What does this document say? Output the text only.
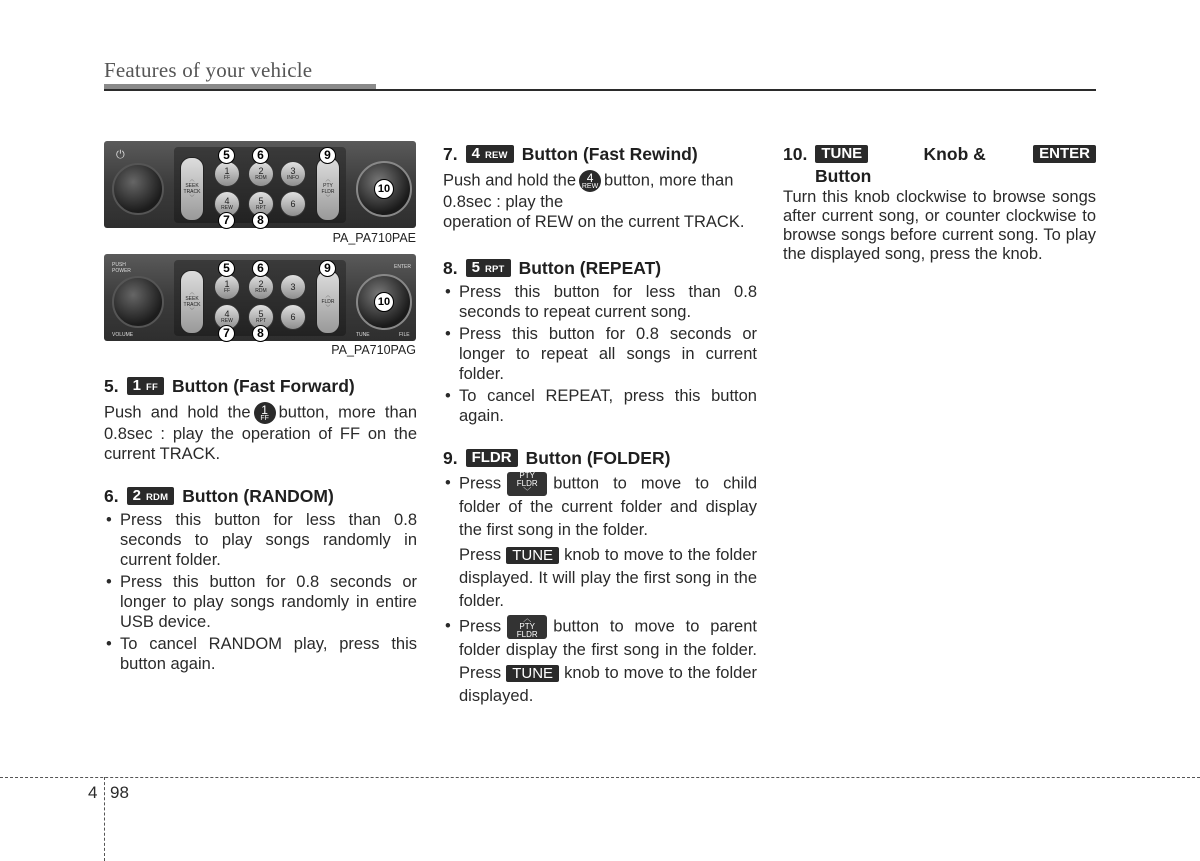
Features of your vehicle
⏻
︿
SEEK TRACK
﹀
1
FF
2
RDM
3
INFO
4
REW
5
RPT	6
︿
PTY FLDR
﹀
5	6
7	8
9
10
PA_PA710PAE
PUSH POWER
VOLUME
︿
SEEK TRACK
﹀
1
FF
2
RDM	3
4
REW
5
RPT	6
︿
FLDR
﹀
ENTER
TUNE	FILE
5	6
7	8
9
10
PA_PA710PAG
5. 1 FF Button (Fast Forward)

Push and hold the 1
FF button, more than 0.8sec : play the operation of FF on the current TRACK.

6. 2 RDM Button (RANDOM)
• Press this button for less than 0.8 seconds to play songs randomly in current folder.
• Press this button for 0.8 seconds or longer to play songs randomly in entire USB device.
• To cancel RANDOM play, press this button again.
7. 4 REW Button (Fast Rewind)

Push and hold the 4
REW button, more than 0.8sec : play the
operation of REW on the current TRACK.

8. 5 RPT Button (REPEAT)
• Press this button for less than 0.8 seconds to repeat current song.
• Press this button for 0.8 seconds or longer to repeat all songs in current folder.
• To cancel REPEAT, press this button again.
9. FLDR Button (FOLDER)
• Press PTY
FLDR
﹀ button to move to child folder of the current folder and display the first song in the folder.
Press TUNE knob to move to the folder displayed. It will play the first song in the folder.
• Press	︿
PTY
FLDR button to move to parent folder display the first song in the folder. Press TUNE knob to move to the folder displayed.
10. TUNE	Knob &	ENTER
Button

Turn this knob clockwise to browse songs after current song, or counter clockwise to browse songs before current song. To play the displayed song, press the knob.

4 98
